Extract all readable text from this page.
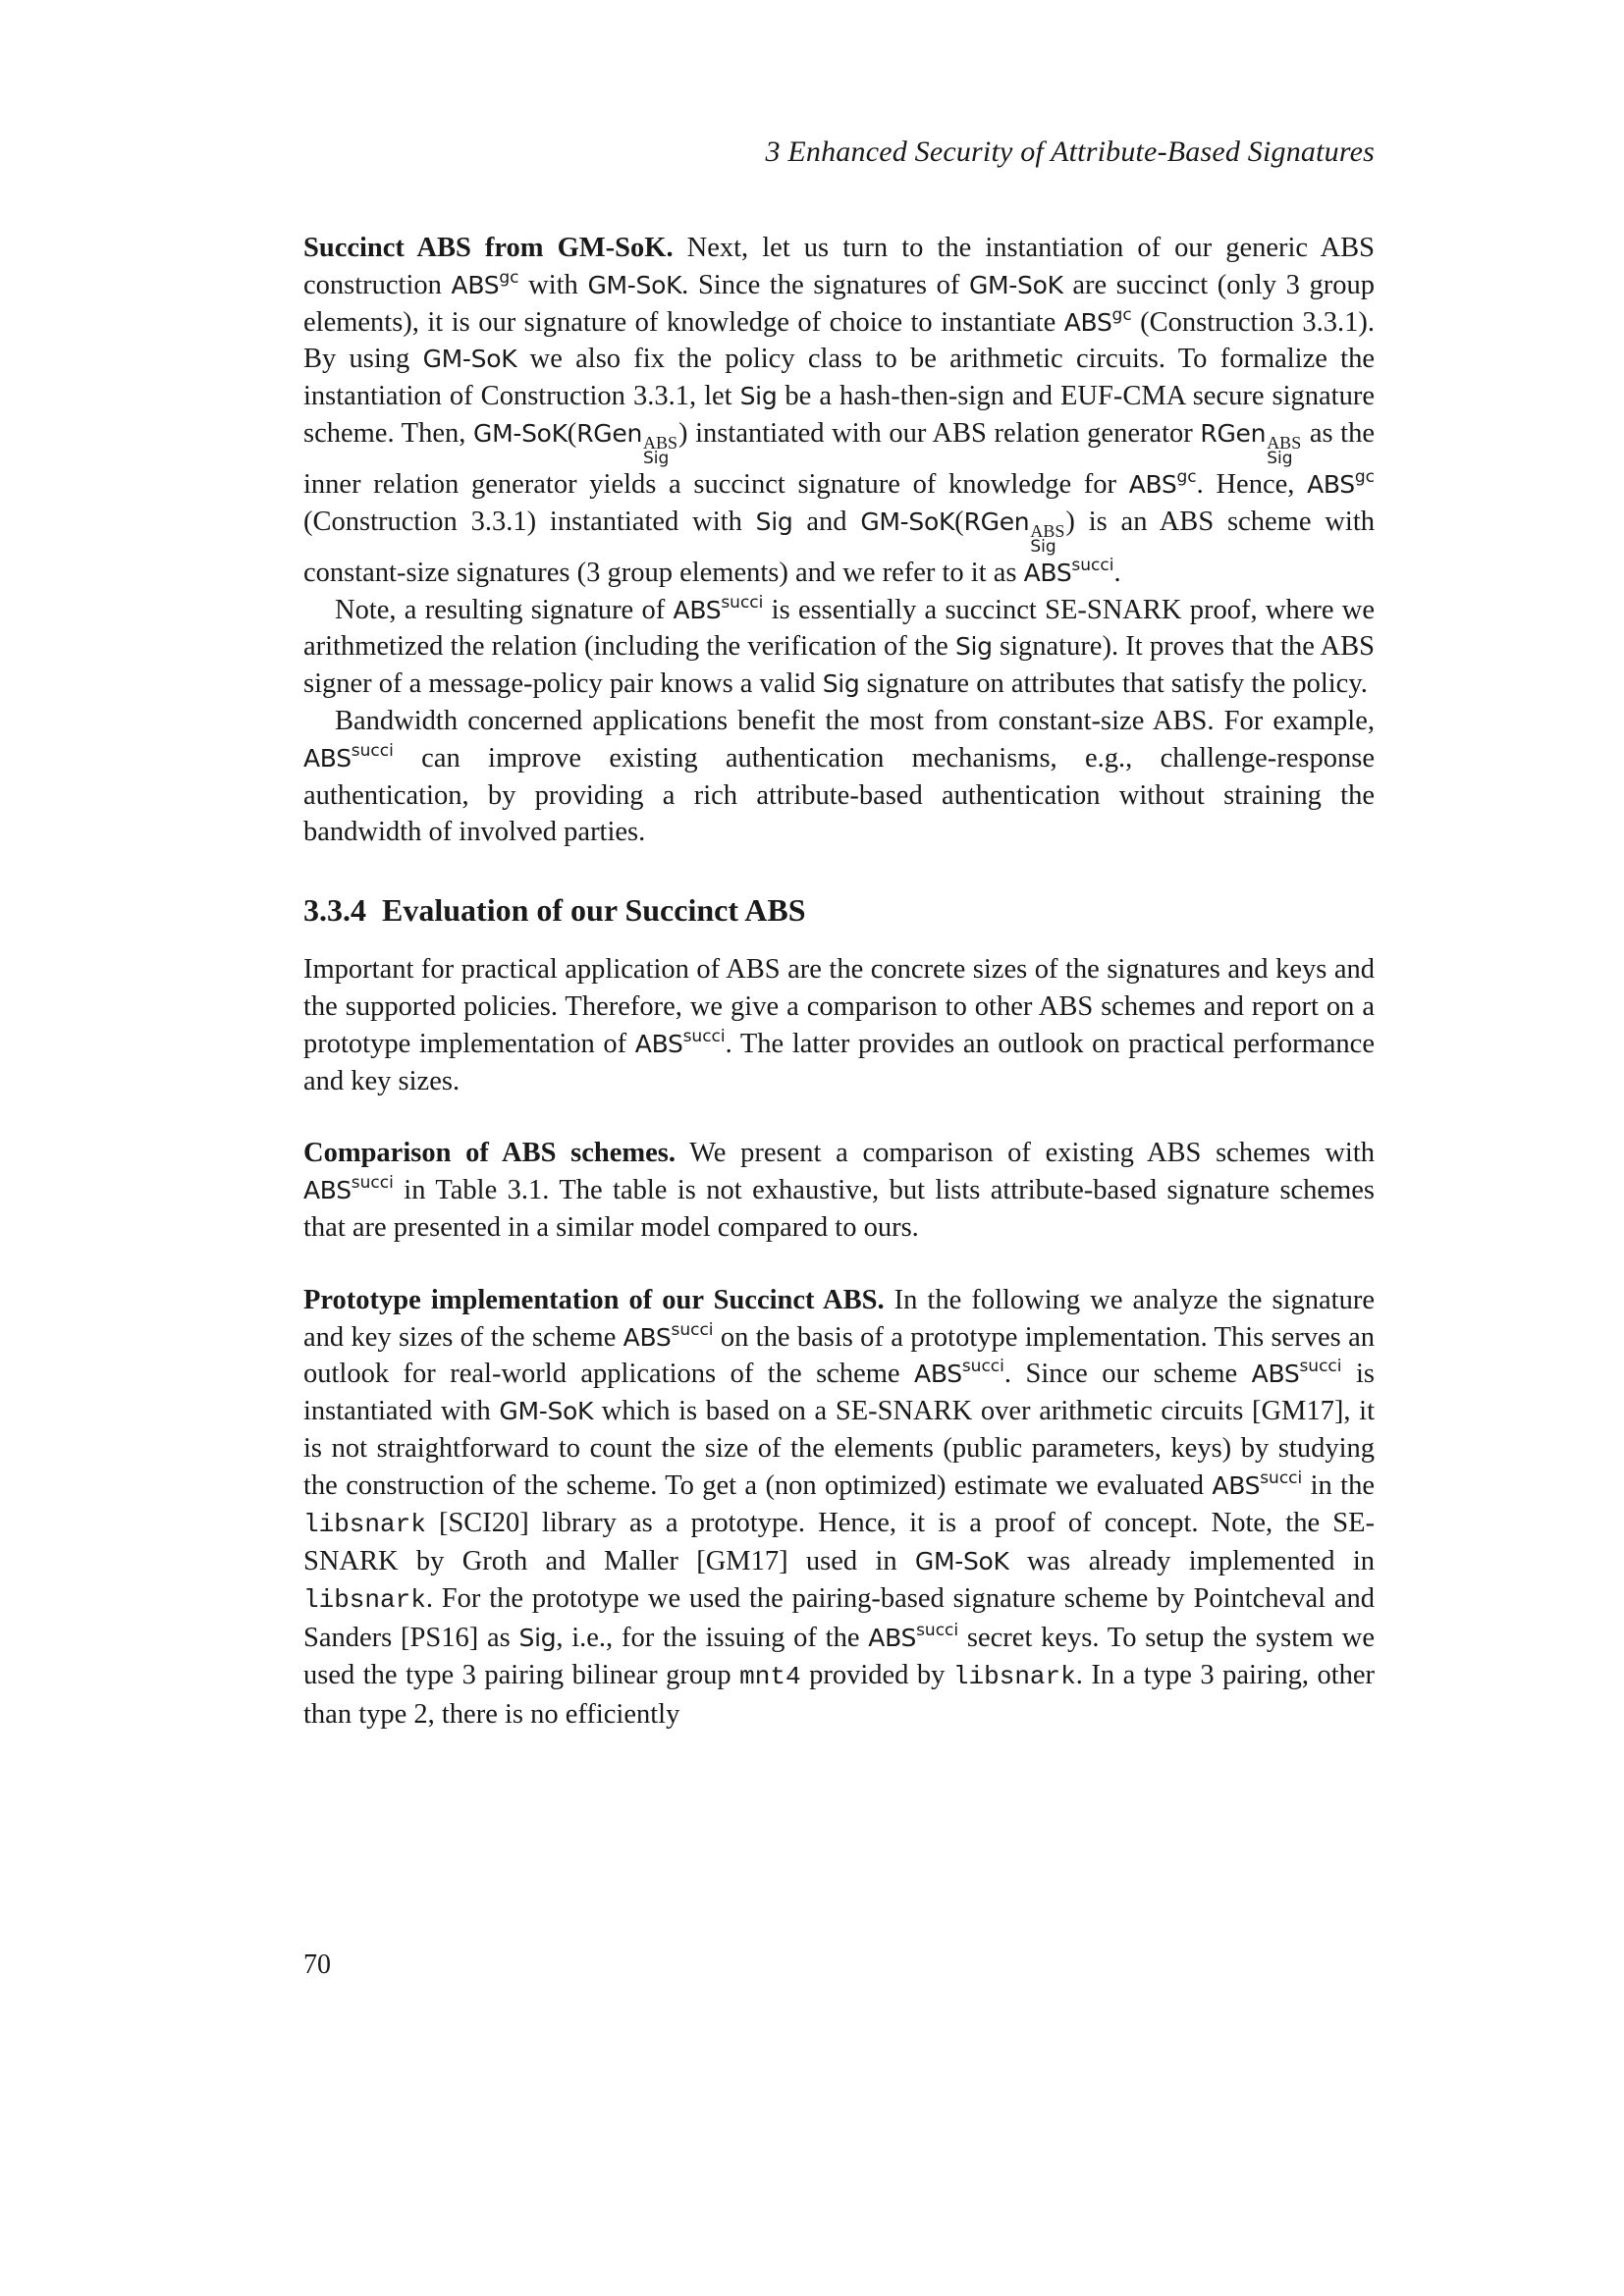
3 Enhanced Security of Attribute-Based Signatures

Succinct ABS from GM-SoK. Next, let us turn to the instantiation of our generic ABS construction $ABS^{gc}$ with GM-SoK. Since the signatures of GM-SoK are succinct (only 3 group elements), it is our signature of knowledge of choice to instantiate $ABS^{gc}$ (Construction 3.3.1). By using GM-SoK we also fix the policy class to be arithmetic circuits. To formalize the instantiation of Construction 3.3.1, let Sig be a hash-then-sign and EUF-CMA secure signature scheme. Then, GM-SoK(RGen ABS
Sig
) instantiated with our ABS relation generator RGen ABS
Sig
as the inner relation generator yields a succinct signature of knowledge for $ABS^{gc}$. Hence, $ABS^{gc}$ (Construction 3.3.1) instantiated with Sig and GM-SoK(RGen ABS
Sig
) is an ABS scheme with constant-size signatures (3 group elements) and we refer to it as $ABS^{succi}$.

Note, a resulting signature of $ABS^{succi}$ is essentially a succinct SE-SNARK proof, where we arithmetized the relation (including the verification of the Sig signature). It proves that the ABS signer of a message-policy pair knows a valid Sig signature on attributes that satisfy the policy.

Bandwidth concerned applications benefit the most from constant-size ABS. For example, $ABS^{succi}$ can improve existing authentication mechanisms, e.g., challenge-response authentication, by providing a rich attribute-based authentication without straining the bandwidth of involved parties.

3.3.4 Evaluation of our Succinct ABS

Important for practical application of ABS are the concrete sizes of the signatures and keys and the supported policies. Therefore, we give a comparison to other ABS schemes and report on a prototype implementation of $ABS^{succi}$. The latter provides an outlook on practical performance and key sizes.

Comparison of ABS schemes. We present a comparison of existing ABS schemes with $ABS^{succi}$ in Table 3.1. The table is not exhaustive, but lists attribute-based signature schemes that are presented in a similar model compared to ours.

Prototype implementation of our Succinct ABS. In the following we analyze the signature and key sizes of the scheme $ABS^{succi}$ on the basis of a prototype implementation. This serves an outlook for real-world applications of the scheme $ABS^{succi}$. Since our scheme $ABS^{succi}$ is instantiated with GM-SoK which is based on a SE-SNARK over arithmetic circuits [GM17], it is not straightforward to count the size of the elements (public parameters, keys) by studying the construction of the scheme. To get a (non optimized) estimate we evaluated $ABS^{succi}$ in the libsnark [SCI20] library as a prototype. Hence, it is a proof of concept. Note, the SE-SNARK by Groth and Maller [GM17] used in GM-SoK was already implemented in libsnark. For the prototype we used the pairing-based signature scheme by Pointcheval and Sanders [PS16] as Sig, i.e., for the issuing of the $ABS^{succi}$ secret keys. To setup the system we used the type 3 pairing bilinear group mnt4 provided by libsnark. In a type 3 pairing, other than type 2, there is no efficiently

70
